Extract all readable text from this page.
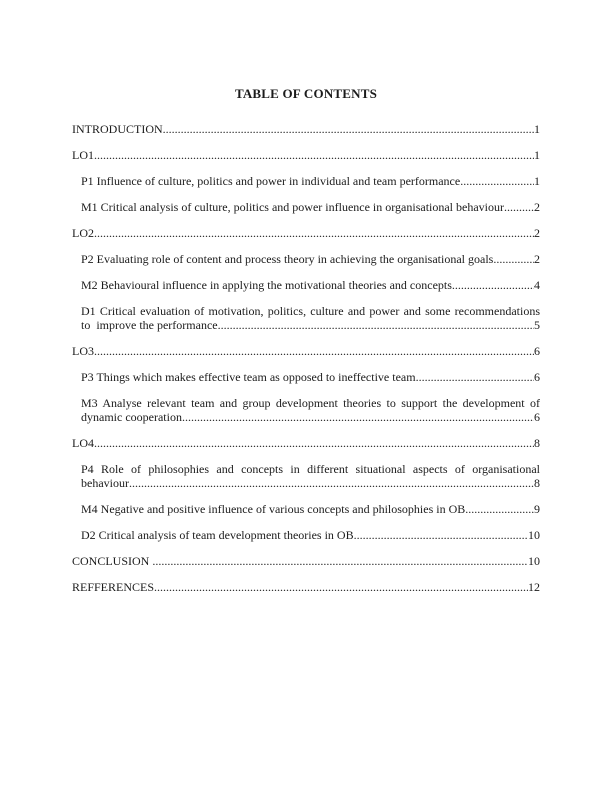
TABLE OF CONTENTS
INTRODUCTION .....	1
LO1 .....	1
P1 Influence of culture, politics and power in individual and team performance .....	1
M1 Critical analysis of culture, politics and power influence in organisational behaviour .....	2
LO2 .....	2
P2 Evaluating role of content and process theory in achieving the organisational goals .....	2
M2 Behavioural influence in applying the motivational theories and concepts .....	4
D1 Critical evaluation of motivation, politics, culture and power and some recommendations
to  improve the performance .....	5
LO3 .....	6
P3 Things which makes effective team as opposed to ineffective team .....	6
M3 Analyse relevant team and group development theories to support the development of
dynamic cooperation .....	6
LO4 .....	8
P4 Role of philosophies and concepts in different situational aspects of organisational
behaviour .....	8
M4 Negative and positive influence of various concepts and philosophies in OB .....	9
D2 Critical analysis of team development theories in OB .....	10
CONCLUSION .....	10
REFFERENCES .....	12
